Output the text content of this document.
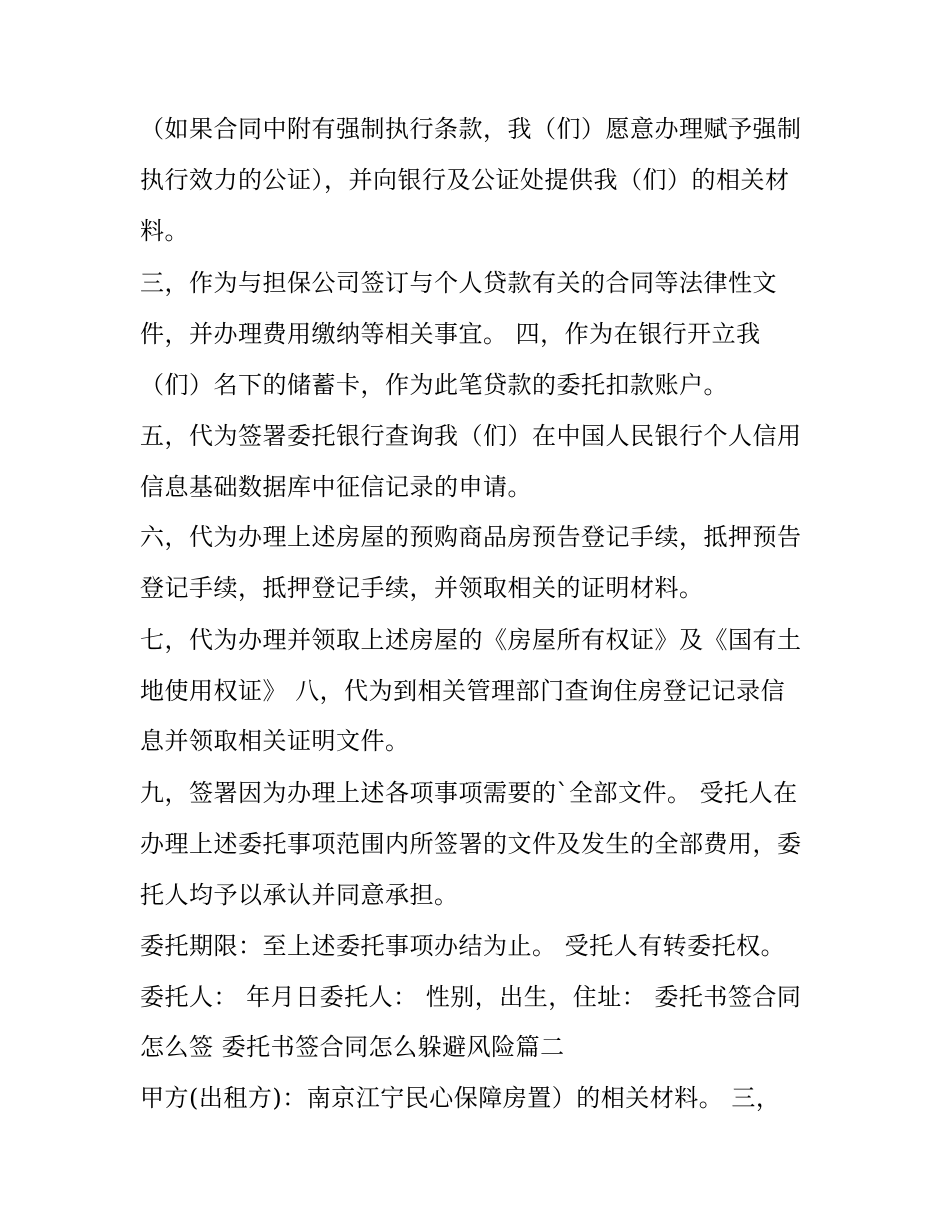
（如果合同中附有强制执行条款，我（们）愿意办理赋予强制
执行效力的公证），并向银行及公证处提供我（们）的相关材
料。
三，作为与担保公司签订与个人贷款有关的合同等法律性文
件，并办理费用缴纳等相关事宜。 四，作为在银行开立我
（们）名下的储蓄卡，作为此笔贷款的委托扣款账户。
五，代为签署委托银行查询我（们）在中国人民银行个人信用
信息基础数据库中征信记录的申请。
六，代为办理上述房屋的预购商品房预告登记手续，抵押预告
登记手续，抵押登记手续，并领取相关的证明材料。
七，代为办理并领取上述房屋的《房屋所有权证》及《国有土
地使用权证》 八，代为到相关管理部门查询住房登记记录信
息并领取相关证明文件。
九，签署因为办理上述各项事项需要的`全部文件。 受托人在
办理上述委托事项范围内所签署的文件及发生的全部费用，委
托人均予以承认并同意承担。
委托期限：至上述委托事项办结为止。 受托人有转委托权。
委托人： 年月日委托人： 性别，出生，住址： 委托书签合同
怎么签 委托书签合同怎么躲避风险篇二
甲方(出租方)：南京江宁民心保障房置）的相关材料。 三，
